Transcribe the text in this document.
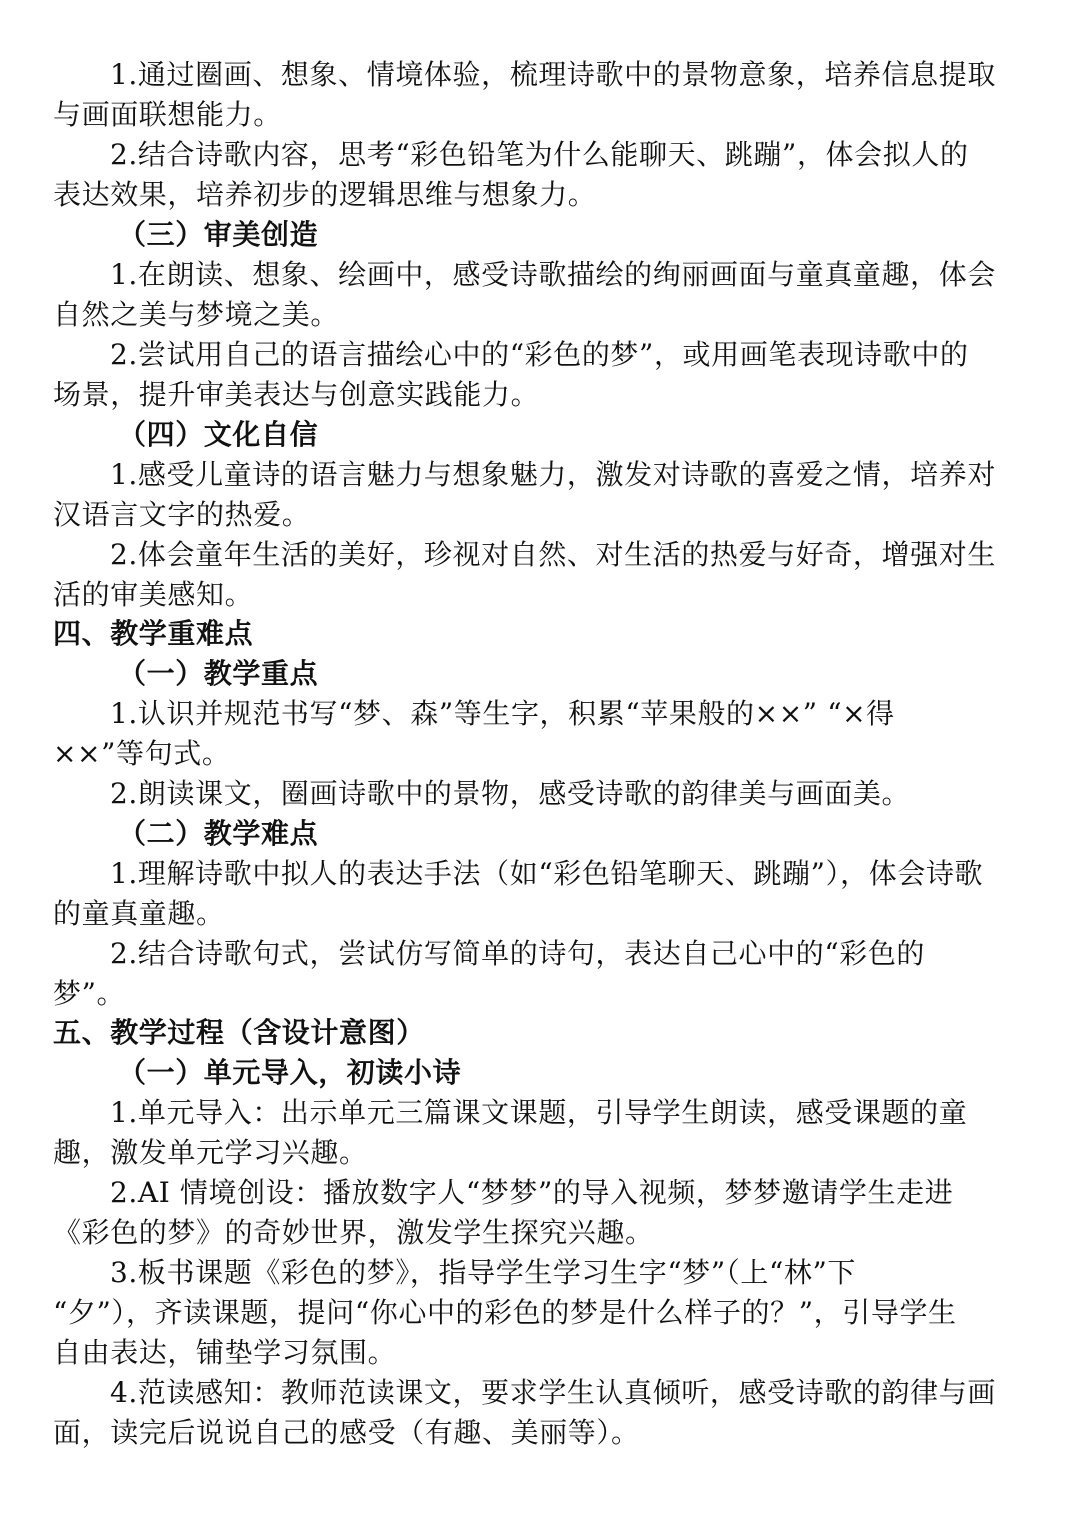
1.通过圈画、想象、情境体验，梳理诗歌中的景物意象，培养信息提取
与画面联想能力。
2.结合诗歌内容，思考“彩色铅笔为什么能聊天、跳蹦”，体会拟人的
表达效果，培养初步的逻辑思维与想象力。
（三）审美创造
1.在朗读、想象、绘画中，感受诗歌描绘的绚丽画面与童真童趣，体会
自然之美与梦境之美。
2.尝试用自己的语言描绘心中的“彩色的梦”，或用画笔表现诗歌中的
场景，提升审美表达与创意实践能力。
（四）文化自信
1.感受儿童诗的语言魅力与想象魅力，激发对诗歌的喜爱之情，培养对
汉语言文字的热爱。
2.体会童年生活的美好，珍视对自然、对生活的热爱与好奇，增强对生
活的审美感知。
四、教学重难点
（一）教学重点
1.认识并规范书写“梦、森”等生字，积累“苹果般的××” “×得
××”等句式。
2.朗读课文，圈画诗歌中的景物，感受诗歌的韵律美与画面美。
（二）教学难点
1.理解诗歌中拟人的表达手法（如“彩色铅笔聊天、跳蹦”），体会诗歌
的童真童趣。
2.结合诗歌句式，尝试仿写简单的诗句，表达自己心中的“彩色的
梦”。
五、教学过程（含设计意图）
（一）单元导入，初读小诗
1.单元导入：出示单元三篇课文课题，引导学生朗读，感受课题的童
趣，激发单元学习兴趣。
2.AI 情境创设：播放数字人“梦梦”的导入视频，梦梦邀请学生走进
《彩色的梦》的奇妙世界，激发学生探究兴趣。
3.板书课题《彩色的梦》，指导学生学习生字“梦”（上“林”下
“夕”），齐读课题，提问“你心中的彩色的梦是什么样子的？”，引导学生
自由表达，铺垫学习氛围。
4.范读感知：教师范读课文，要求学生认真倾听，感受诗歌的韵律与画
面，读完后说说自己的感受（有趣、美丽等）。
